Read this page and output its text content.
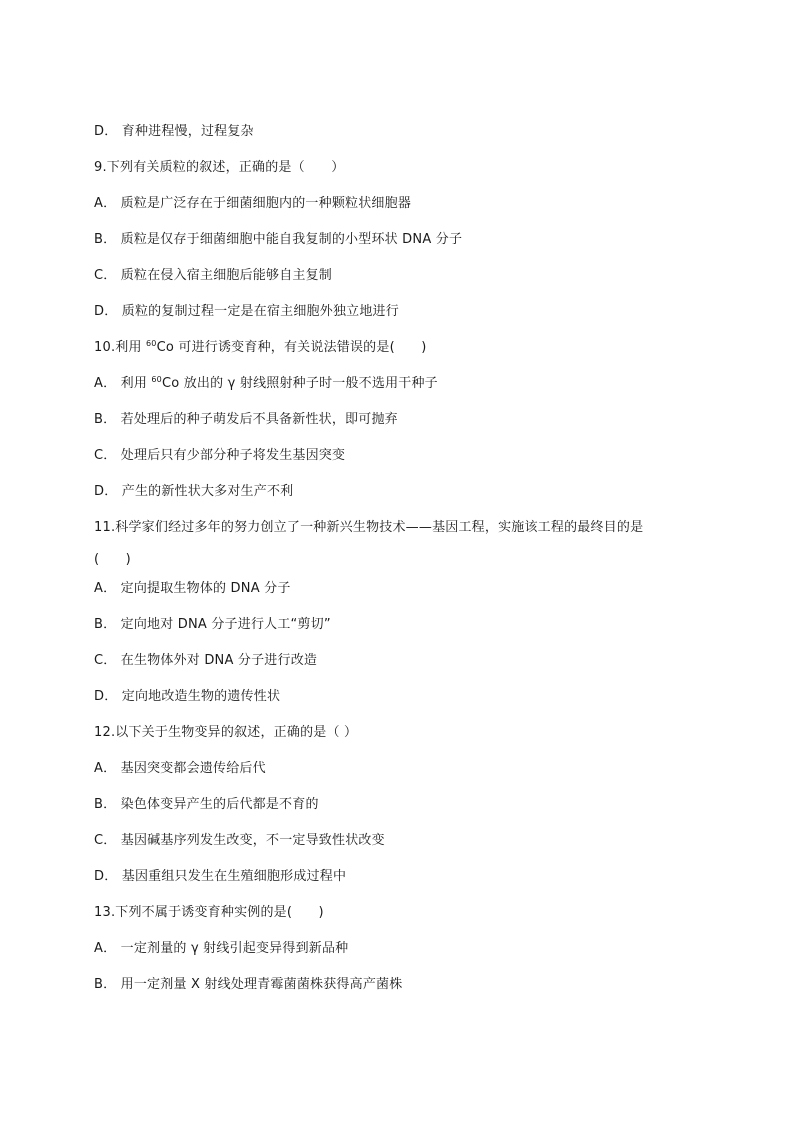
D． 育种进程慢，过程复杂
9.下列有关质粒的叙述，正确的是（　　）
A． 质粒是广泛存在于细菌细胞内的一种颗粒状细胞器
B． 质粒是仅存于细菌细胞中能自我复制的小型环状 DNA 分子
C． 质粒在侵入宿主细胞后能够自主复制
D． 质粒的复制过程一定是在宿主细胞外独立地进行
10.利用 $^{60}$Co 可进行诱变育种，有关说法错误的是(　　)
A． 利用 $^{60}$Co 放出的 γ 射线照射种子时一般不选用干种子
B． 若处理后的种子萌发后不具备新性状，即可抛弃
C． 处理后只有少部分种子将发生基因突变
D． 产生的新性状大多对生产不利
11.科学家们经过多年的努力创立了一种新兴生物技术——基因工程，实施该工程的最终目的是
(　　)
A． 定向提取生物体的 DNA 分子
B． 定向地对 DNA 分子进行人工“剪切”
C． 在生物体外对 DNA 分子进行改造
D． 定向地改造生物的遗传性状
12.以下关于生物变异的叙述，正确的是（ ）
A． 基因突变都会遗传给后代
B． 染色体变异产生的后代都是不育的
C． 基因碱基序列发生改变，不一定导致性状改变
D． 基因重组只发生在生殖细胞形成过程中
13.下列不属于诱变育种实例的是(　　)
A． 一定剂量的 γ 射线引起变异得到新品种
B． 用一定剂量 X 射线处理青霉菌菌株获得高产菌株
